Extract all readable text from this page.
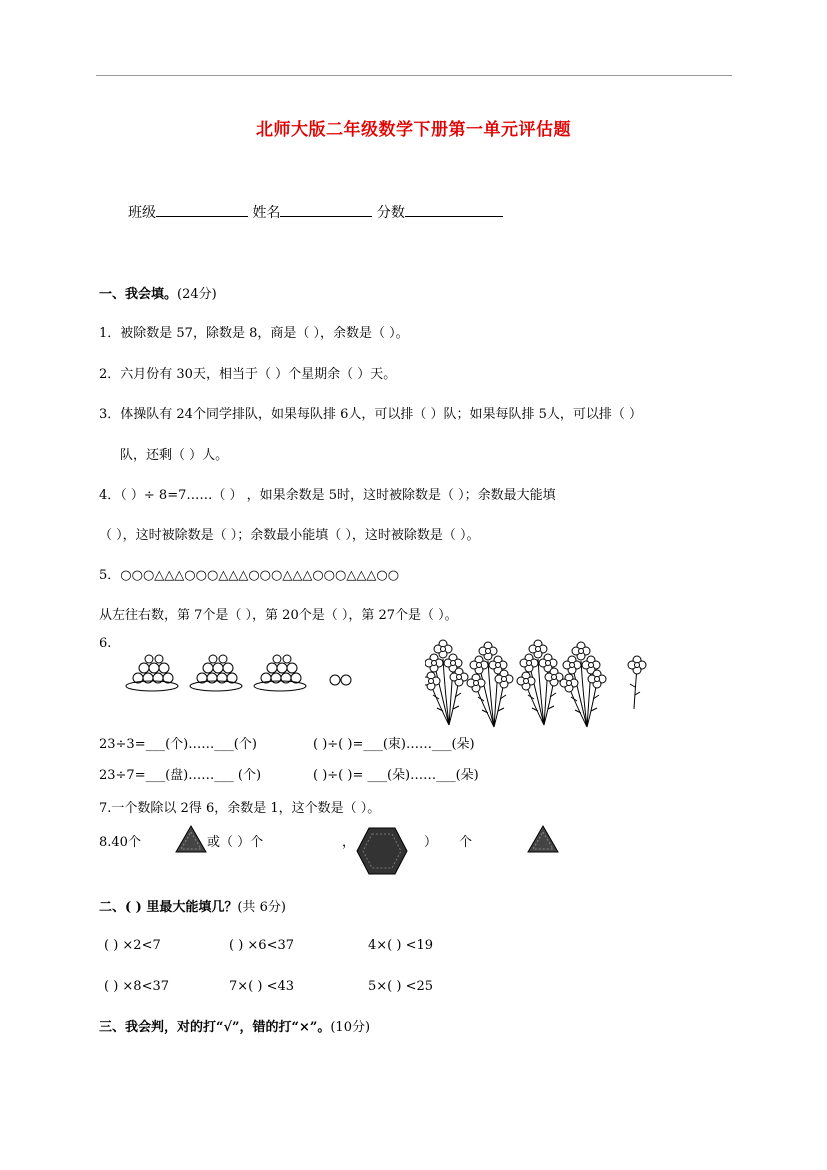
北师大版二年级数学下册第一单元评估题
班级	姓名	分数
一、我会填。(24分)
1．被除数是 57，除数是 8，商是（ ），余数是（ ）。
2．六月份有 30天，相当于（ ）个星期余（ ）天。
3．体操队有 24个同学排队，如果每队排 6人，可以排（ ）队；如果每队排 5人，可以排（ ）
队，还剩（ ）人。
4．（ ）÷ 8=7……（ ） ，如果余数是 5时，这时被除数是（ ）；余数最大能填
（ ），这时被除数是（ ）；余数最小能填（ ），这时被除数是（ ）。
5．○○○△△△○○○△△△○○○△△△○○○△△△○○
从左往右数，第 7个是（ ），第 20个是（ ），第 27个是（ ）。
6.
23÷3=___(个)……___(个)	( )÷( )=___(束)……___(朵)
23÷7=___(盘)……___ (个)	( )÷( )= ___(朵)……___(朵)
7.一个数除以 2得 6，余数是 1，这个数是（ ）。
8.40个	或（ ）个	，	） 个
二、( ) 里最大能填几？(共 6分)
( ) ×2<7	( ) ×6<37	4×( ) <19
( ) ×8<37	7×( ) <43	5×( ) <25
三、我会判，对的打“√”，错的打“×”。(10分)
